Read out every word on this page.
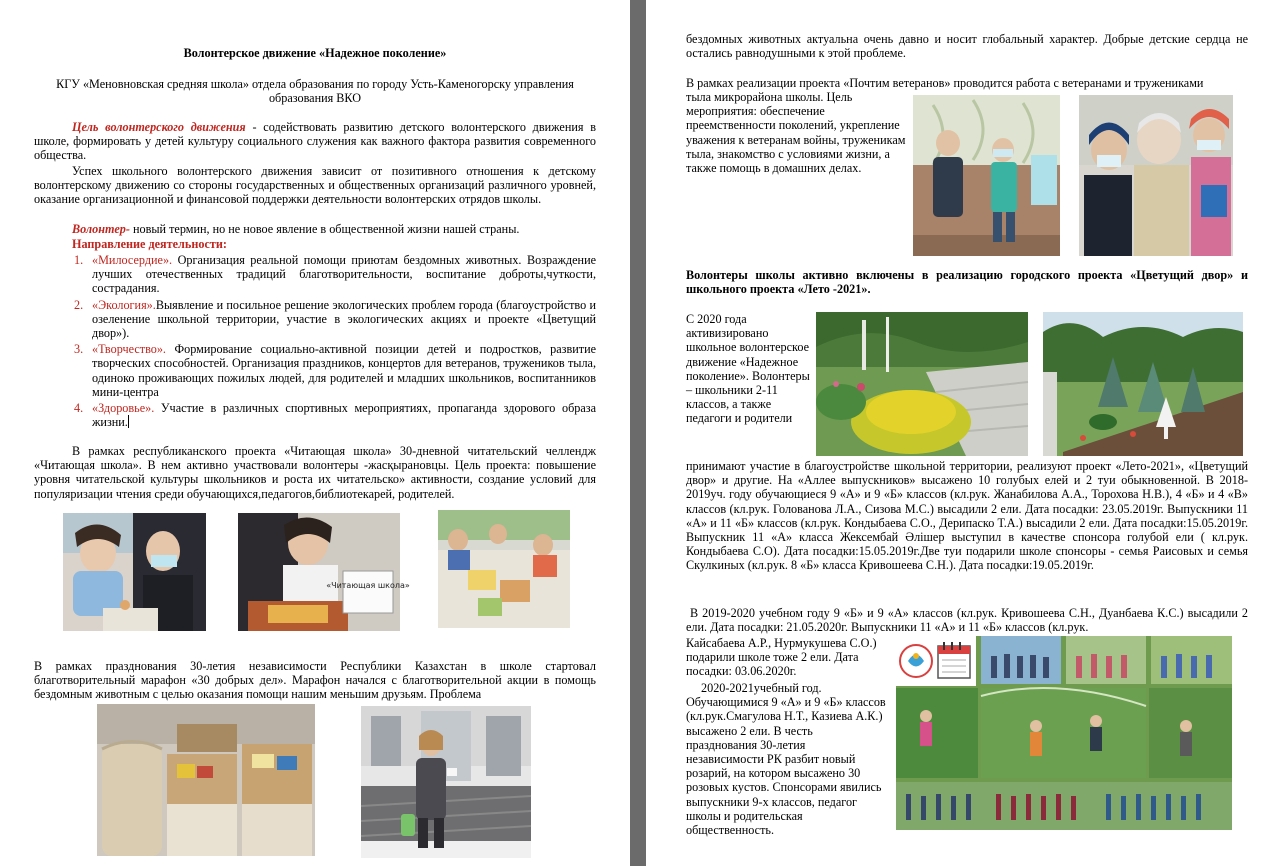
Волонтерское движение «Надежное поколение»

КГУ «Меновновская средняя школа» отдела образования по городу Усть-Каменогорску управления образования ВКО

Цель волонтерского движения - содействовать развитию детского волонтерского движения в школе, формировать у детей культуру социального служения как важного фактора развития современного общества.

Успех школьного волонтерского движения зависит от позитивного отношения к детскому волонтерскому движению со стороны государственных и общественных организаций различного уровней, оказание организационной и финансовой поддержки деятельности волонтерских отрядов школы.

Волонтер- новый термин, но не новое явление в общественной жизни нашей страны.

Направление деятельности:

1. «Милосердие». Организация реальной помощи приютам бездомных животных. Возраждение лучших отечественных традиций благотворительности, воспитание доброты,чуткости, сострадания.
2. «Экология».Выявление и посильное решение экологических проблем города (благоустройство и озеленение школьной территории, участие в экологических акциях и проекте «Цветущий двор»).
3. «Творчество». Формирование социально-активной позиции детей и подростков, развитие творческих способностей. Организация праздников, концертов для ветеранов, тружеников тыла, одиноко проживающих пожилых людей, для родителей и младших школьников, воспитанников мини-центра
4. «Здоровье». Участие в различных спортивных мероприятиях, пропаганда здорового образа жизни.

В рамках республиканского проекта «Читающая школа» 30-дневной читательский челлендж «Читающая школа». В нем активно участвовали волонтеры -жасқырановцы. Цель проекта: повышение уровня читательской культуры школьников и роста их читательско» активности, создание условий для популяризации чтения среди обучающихся,педагогов,библиотекарей, родителей.

«Читающая школа»

В рамках празднования 30-летия независимости Республики Казахстан в школе стартовал благотворительный марафон «30 добрых дел». Марафон начался с благотворительной акции в помощь бездомным животным с целью оказания помощи нашим меньшим друзьям. Проблема

бездомных животных актуальна очень давно и носит глобальный характер. Добрые детские сердца не остались равнодушными к этой проблеме.

В рамках реализации проекта «Почтим ветеранов» проводится работа с ветеранами и тружениками

тыла микрорайона школы. Цель мероприятия: обеспечение преемственности поколений, укрепление уважения к ветеранам войны, труженикам тыла, знакомство с условиями жизни, а также помощь в домашних делах.

Волонтеры школы активно включены в реализацию городского проекта «Цветущий двор» и школьного проекта «Лето -2021».

С 2020 года активизировано школьное волонтерское движение «Надежное поколение». Волонтеры – школьники 2-11 классов, а также педагоги и родители

принимают участие в благоустройстве школьной территории, реализуют проект «Лето-2021», «Цветущий двор» и другие. На «Аллее выпускников» высажено 10 голубых елей и 2 туи обыкновенной. В 2018-2019уч. году обучающиеся 9 «А» и 9 «Б» классов (кл.рук. Жанабилова А.А., Торохова Н.В.), 4 «Б» и 4 «В» классов (кл.рук. Голованова Л.А., Сизова М.С.) высадили 2 ели. Дата посадки: 23.05.2019г. Выпускники 11 «А» и 11 «Б» классов (кл.рук. Кондыбаева С.О., Дерипаско Т.А.) высадили 2 ели. Дата посадки:15.05.2019г. Выпускник 11 «А» класса Жексембай Әлішер выступил в качестве спонсора голубой ели ( кл.рук. Кондыбаева С.О). Дата посадки:15.05.2019г.Две туи подарили школе спонсоры - семья Раисовых и семья Скулкиных (кл.рук. 8 «Б» класса Кривошеева С.Н.). Дата посадки:19.05.2019г.

В 2019-2020 учебном году 9 «Б» и 9 «А» классов (кл.рук. Кривошеева С.Н., Дуанбаева К.С.) высадили 2 ели. Дата посадки: 21.05.2020г. Выпускники 11 «А» и 11 «Б» классов (кл.рук.

Кайсабаева А.Р., Нурмукушева С.О.) подарили школе тоже 2 ели. Дата посадки: 03.06.2020г.

2020-2021учебный год. Обучающимися 9 «А» и 9 «Б» классов (кл.рук.Смагулова Н.Т., Казиева А.К.) высажено 2 ели. В честь празднования 30-летия независимости РК разбит новый розарий, на котором высажено 30 розовых кустов. Спонсорами явились выпускники 9-х классов, педагог школы и родительская общественность.
